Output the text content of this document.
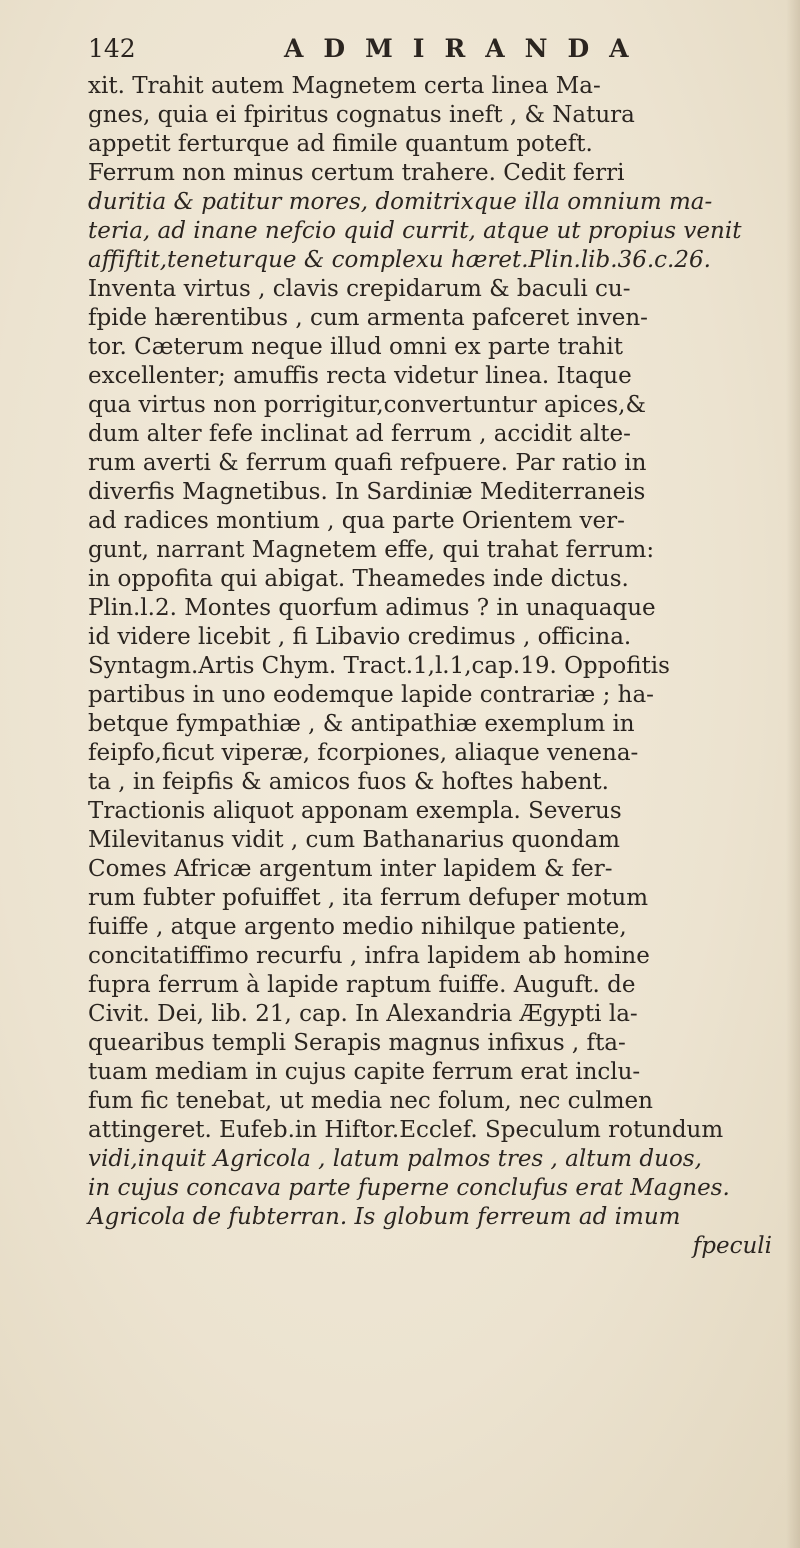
142	ADMIRANDA
xit. Trahit autem Magnetem certa linea Ma-
gnes, quia ei fpiritus cognatus ineft , & Natura
appetit ferturque ad fimile quantum poteft.
Ferrum non minus certum trahere. Cedit ferri
duritia & patitur mores, domitrixque illa omnium ma-
teria, ad inane nefcio quid currit, atque ut propius venit
affiftit,teneturque & complexu hæret.Plin.lib.36.c.26.
Inventa virtus , clavis crepidarum & baculi cu-
fpide hærentibus , cum armenta pafceret inven-
tor. Cæterum neque illud omni ex parte trahit
excellenter; amuffis recta videtur linea. Itaque
qua virtus non porrigitur,convertuntur apices,&
dum alter fefe inclinat ad ferrum , accidit alte-
rum averti & ferrum quafi refpuere. Par ratio in
diverfis Magnetibus. In Sardiniæ Mediterraneis
ad radices montium , qua parte Orientem ver-
gunt, narrant Magnetem effe, qui trahat ferrum:
in oppofita qui abigat. Theamedes inde dictus.
Plin.l.2. Montes quorfum adimus ? in unaquaque
id videre licebit , fi Libavio credimus , officina.
Syntagm.Artis Chym. Tract.1,l.1,cap.19. Oppofitis
partibus in uno eodemque lapide contrariæ ; ha-
betque fympathiæ , & antipathiæ exemplum in
feipfo,ficut viperæ, fcorpiones, aliaque venena-
ta , in feipfis & amicos fuos & hoftes habent.
Tractionis aliquot apponam exempla. Severus
Milevitanus vidit , cum Bathanarius quondam
Comes Africæ argentum inter lapidem & fer-
rum fubter pofuiffet , ita ferrum defuper motum
fuiffe , atque argento medio nihilque patiente,
concitatiffimo recurfu , infra lapidem ab homine
fupra ferrum à lapide raptum fuiffe. Auguft. de
Civit. Dei, lib. 21, cap. In Alexandria Ægypti la-
quearibus templi Serapis magnus infixus , fta-
tuam mediam in cujus capite ferrum erat inclu-
fum fic tenebat, ut media nec folum, nec culmen
attingeret. Eufeb.in Hiftor.Ecclef. Speculum rotundum
vidi,inquit Agricola , latum palmos tres , altum duos,
in cujus concava parte fuperne conclufus erat Magnes.
Agricola de fubterran. Is globum ferreum ad imum
fpeculi
